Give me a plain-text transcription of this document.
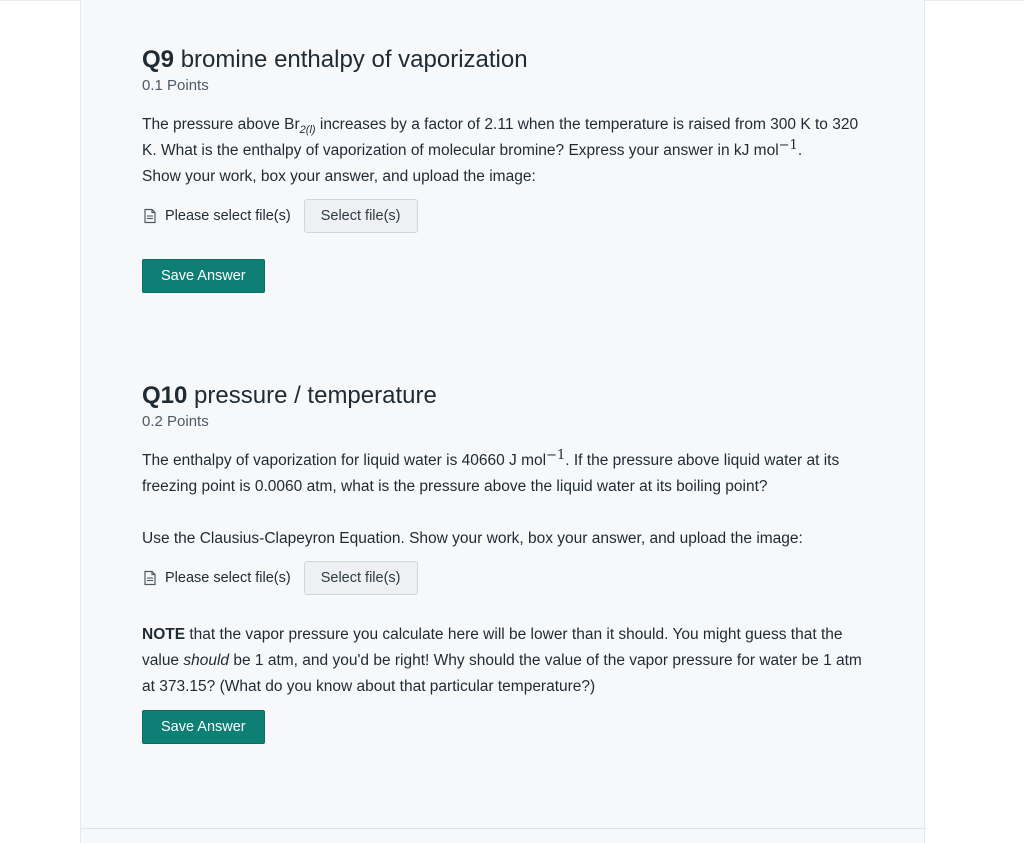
Q9 bromine enthalpy of vaporization
0.1 Points
The pressure above $Br_{2(l)}$ increases by a factor of 2.11 when the temperature is raised from 300 K to 320 K. What is the enthalpy of vaporization of molecular bromine? Express your answer in kJ mol$^{-1}$.
Show your work, box your answer, and upload the image:
Please select file(s)	Select file(s)
Save Answer
Q10 pressure / temperature
0.2 Points
The enthalpy of vaporization for liquid water is 40660 J mol$^{-1}$. If the pressure above liquid water at its freezing point is 0.0060 atm, what is the pressure above the liquid water at its boiling point?
Use the Clausius-Clapeyron Equation. Show your work, box your answer, and upload the image:
Please select file(s)	Select file(s)
NOTE that the vapor pressure you calculate here will be lower than it should. You might guess that the value should be 1 atm, and you'd be right! Why should the value of the vapor pressure for water be 1 atm at 373.15? (What do you know about that particular temperature?)
Save Answer
